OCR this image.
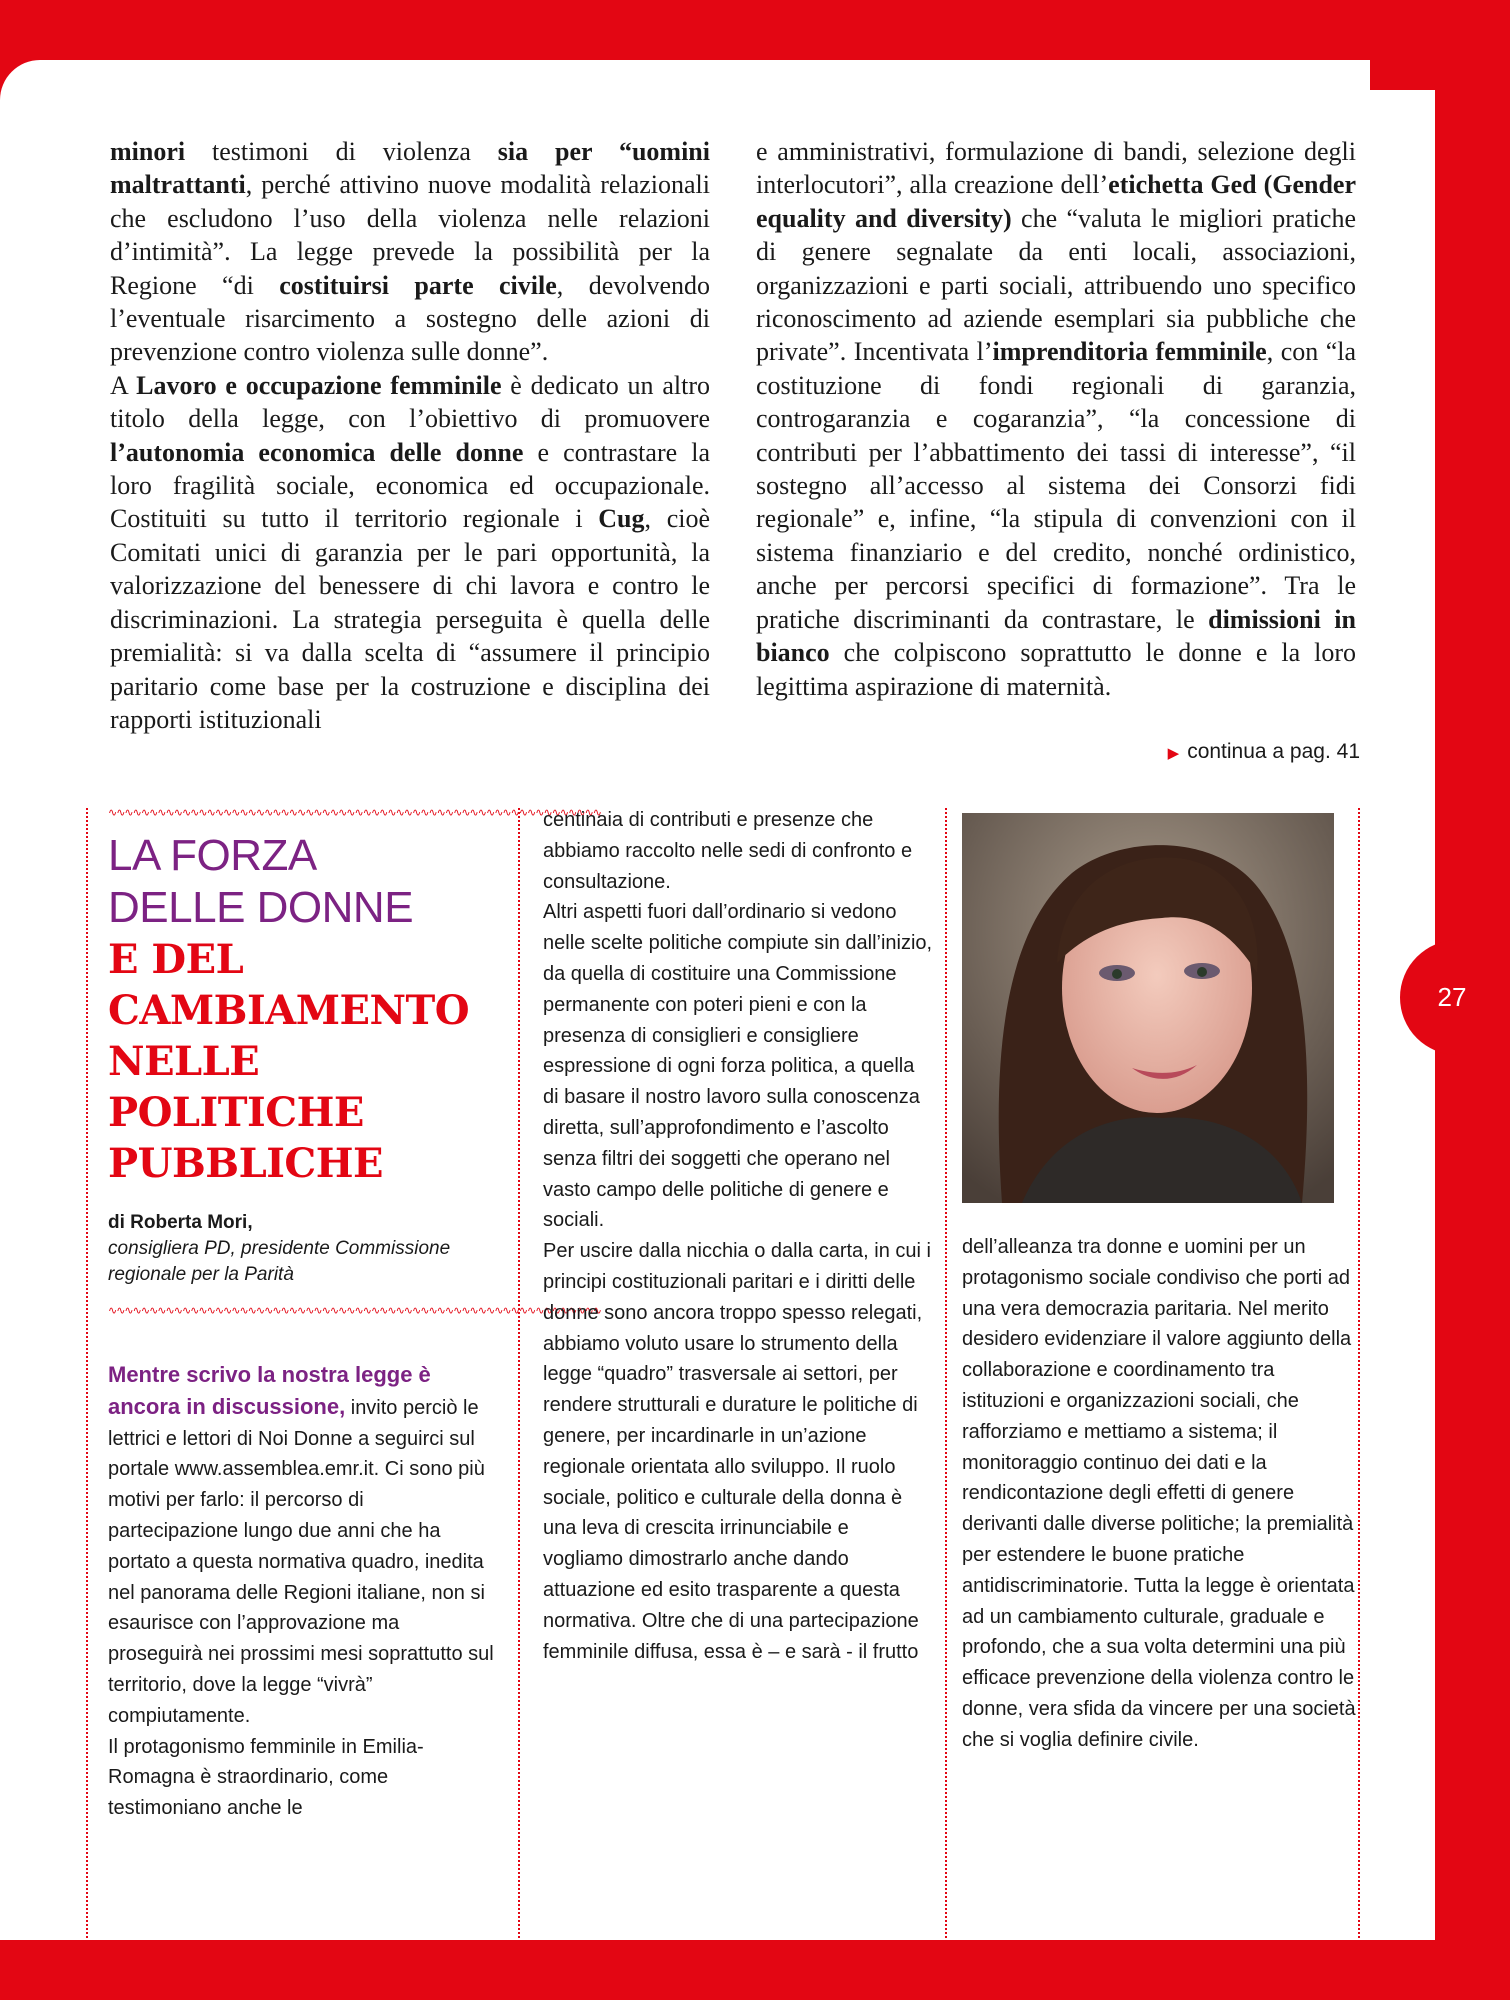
27

minori testimoni di violenza sia per “uomini maltrattanti, perché attivino nuove modalità relazionali che escludono l’uso della violenza nelle relazioni d’intimità”. La legge prevede la possibilità per la Regione “di costituirsi parte civile, devolvendo l’eventuale risarcimento a sostegno delle azioni di prevenzione contro violenza sulle donne”.

A Lavoro e occupazione femminile è dedicato un altro titolo della legge, con l’obiettivo di promuovere l’autonomia economica delle donne e contrastare la loro fragilità sociale, economica ed occupazionale. Costituiti su tutto il territorio regionale i Cug, cioè Comitati unici di garanzia per le pari opportunità, la valorizzazione del benessere di chi lavora e contro le discriminazioni. La strategia perseguita è quella delle premialità: si va dalla scelta di “assumere il principio paritario come base per la costruzione e disciplina dei rapporti istituzionali

e amministrativi, formulazione di bandi, selezione degli interlocutori”, alla creazione dell’etichetta Ged (Gender equality and diversity) che “valuta le migliori pratiche di genere segnalate da enti locali, associazioni, organizzazioni e parti sociali, attribuendo uno specifico riconoscimento ad aziende esemplari sia pubbliche che private”. Incentivata l’imprenditoria femminile, con “la costituzione di fondi regionali di garanzia, controgaranzia e cogaranzia”, “la concessione di contributi per l’abbattimento dei tassi di interesse”, “il sostegno all’accesso al sistema dei Consorzi fidi regionale” e, infine, “la stipula di convenzioni con il sistema finanziario e del credito, nonché ordinistico, anche per percorsi specifici di formazione”. Tra le pratiche discriminanti da contrastare, le dimissioni in bianco che colpiscono soprattutto le donne e la loro legittima aspirazione di maternità.

▶ continua a pag. 41
∿∿∿∿∿∿∿∿∿∿∿∿∿∿∿∿∿∿∿∿∿∿∿∿∿∿∿∿∿∿∿∿∿∿∿∿∿∿∿∿∿∿∿∿∿∿∿∿∿∿∿∿∿∿∿∿∿∿∿∿
LA FORZA
DELLE DONNE
E DEL
CAMBIAMENTO
NELLE
POLITICHE
PUBBLICHE
di Roberta Mori,
consigliera PD, presidente Commissione regionale per la Parità
∿∿∿∿∿∿∿∿∿∿∿∿∿∿∿∿∿∿∿∿∿∿∿∿∿∿∿∿∿∿∿∿∿∿∿∿∿∿∿∿∿∿∿∿∿∿∿∿∿∿∿∿∿∿∿∿∿∿∿∿

Mentre scrivo la nostra legge è ancora in discussione, invito perciò le lettrici e lettori di Noi Donne a seguirci sul portale www.assemblea.emr.it. Ci sono più motivi per farlo: il percorso di partecipazione lungo due anni che ha portato a questa normativa quadro, inedita nel panorama delle Regioni italiane, non si esaurisce con l’approvazione ma proseguirà nei prossimi mesi soprattutto sul territorio, dove la legge “vivrà” compiutamente.

Il protagonismo femminile in Emilia-Romagna è straordinario, come testimoniano anche le

centinaia di contributi e presenze che abbiamo raccolto nelle sedi di confronto e consultazione.

Altri aspetti fuori dall’ordinario si vedono nelle scelte politiche compiute sin dall’inizio, da quella di costituire una Commissione permanente con poteri pieni e con la presenza di consiglieri e consigliere espressione di ogni forza politica, a quella di basare il nostro lavoro sulla conoscenza diretta, sull’approfondimento e l’ascolto senza filtri dei soggetti che operano nel vasto campo delle politiche di genere e sociali.

Per uscire dalla nicchia o dalla carta, in cui i principi costituzionali paritari e i diritti delle donne sono ancora troppo spesso relegati, abbiamo voluto usare lo strumento della legge “quadro” trasversale ai settori, per rendere strutturali e durature le politiche di genere, per incardinarle in un’azione regionale orientata allo sviluppo. Il ruolo sociale, politico e culturale della donna è una leva di crescita irrinunciabile e vogliamo dimostrarlo anche dando attuazione ed esito trasparente a questa normativa. Oltre che di una partecipazione femminile diffusa, essa è – e sarà - il frutto

dell’alleanza tra donne e uomini per un protagonismo sociale condiviso che porti ad una vera democrazia paritaria. Nel merito desidero evidenziare il valore aggiunto della collaborazione e coordinamento tra istituzioni e organizzazioni sociali, che rafforziamo e mettiamo a sistema; il monitoraggio continuo dei dati e la rendicontazione degli effetti di genere derivanti dalle diverse politiche; la premialità per estendere le buone pratiche antidiscriminatorie. Tutta la legge è orientata ad un cambiamento culturale, graduale e profondo, che a sua volta determini una più efficace prevenzione della violenza contro le donne, vera sfida da vincere per una società che si voglia definire civile.
